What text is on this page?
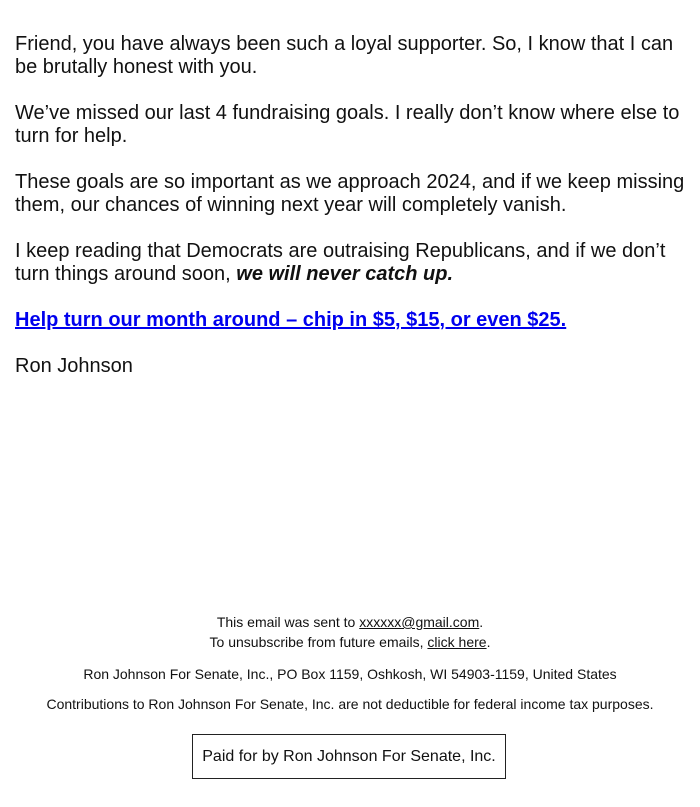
Friend, you have always been such a loyal supporter. So, I know that I can be brutally honest with you.

We’ve missed our last 4 fundraising goals. I really don’t know where else to turn for help.

These goals are so important as we approach 2024, and if we keep missing them, our chances of winning next year will completely vanish.

I keep reading that Democrats are outraising Republicans, and if we don’t turn things around soon, we will never catch up.

Help turn our month around – chip in $5, $15, or even $25.

Ron Johnson

This email was sent to xxxxxx@gmail.com.
To unsubscribe from future emails, click here.
Ron Johnson For Senate, Inc., PO Box 1159, Oshkosh, WI 54903-1159, United States
Contributions to Ron Johnson For Senate, Inc. are not deductible for federal income tax purposes.
Paid for by Ron Johnson For Senate, Inc.
